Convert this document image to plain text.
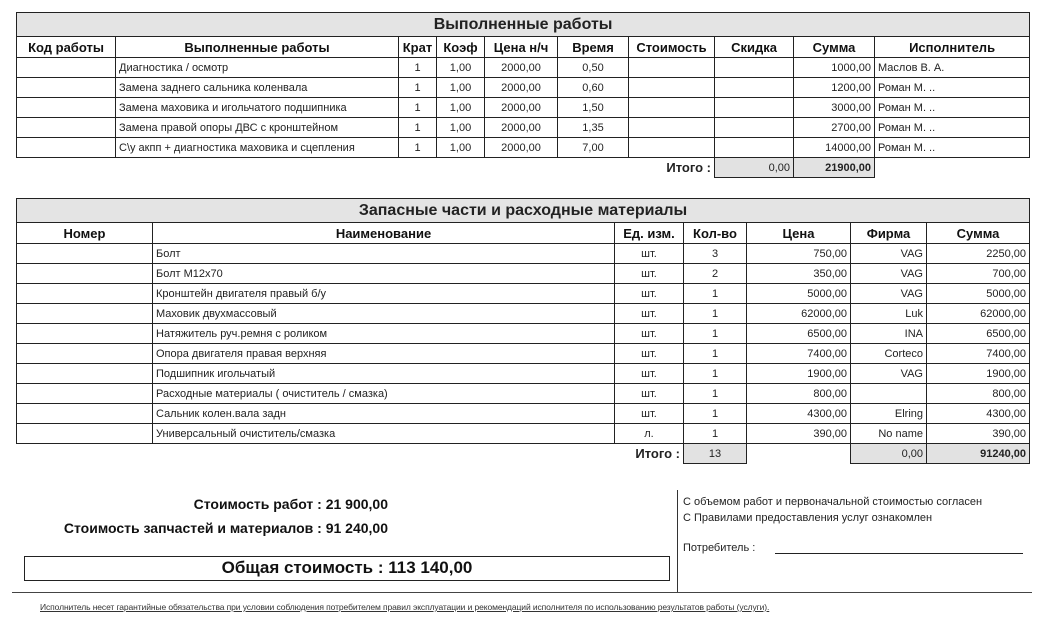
Выполненные работы									
Код работы	Выполненные работы	Крат	Коэф	Цена н/ч	Время	Стоимость	Скидка	Сумма	Исполнитель
	Диагностика / осмотр	1	1,00	2000,00	0,50			1000,00	Маслов В. А.
	Замена заднего сальника коленвала	1	1,00	2000,00	0,60			1200,00	Роман М. ..
	Замена маховика и игольчатого подшипника	1	1,00	2000,00	1,50			3000,00	Роман М. ..
	Замена правой опоры ДВС с кронштейном	1	1,00	2000,00	1,35			2700,00	Роман М. ..
	С\у акпп + диагностика маховика и сцепления	1	1,00	2000,00	7,00			14000,00	Роман М. ..
Итого :							0,00	21900,00	
Запасные части и расходные материалы						
Номер	Наименование	Ед. изм.	Кол-во	Цена	Фирма	Сумма
	Болт	шт.	3	750,00	VAG	2250,00
	Болт М12х70	шт.	2	350,00	VAG	700,00
	Кронштейн двигателя правый б/у	шт.	1	5000,00	VAG	5000,00
	Маховик двухмассовый	шт.	1	62000,00	Luk	62000,00
	Натяжитель руч.ремня с роликом	шт.	1	6500,00	INA	6500,00
	Опора двигателя правая верхняя	шт.	1	7400,00	Corteco	7400,00
	Подшипник игольчатый	шт.	1	1900,00	VAG	1900,00
	Расходные материалы ( очиститель / смазка)	шт.	1	800,00		800,00
	Сальник колен.вала задн	шт.	1	4300,00	Elring	4300,00
	Универсальный очиститель/смазка	л.	1	390,00	No name	390,00
Итого :			13		0,00	91240,00
Стоимость работ : 21 900,00
Стоимость запчастей и материалов : 91 240,00
Общая стоимость : 113 140,00
С объемом работ и первоначальной стоимостью согласен
С Правилами предоставления услуг ознакомлен
Потребитель :
Исполнитель несет гарантийные обязательства при условии соблюдения потребителем правил эксплуатации и рекомендаций исполнителя по использованию результатов работы (услуги).
